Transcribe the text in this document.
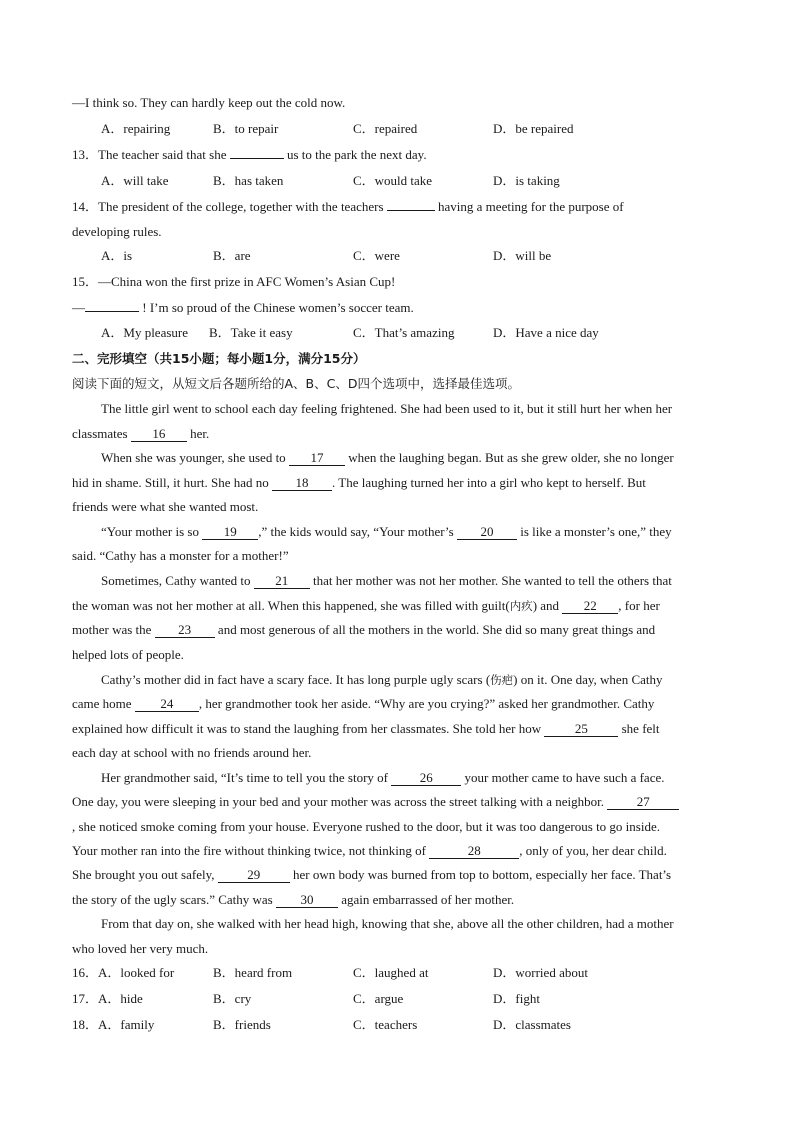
—I think so. They can hardly keep out the cold now.
A．repairing	B．to repair	C．repaired	D．be repaired
13．The teacher said that she	us to the park the next day.
A．will take	B．has taken	C．would take	D．is taking
14．The president of the college, together with the teachers	having a meeting for the purpose of
developing rules.
A．is	B．are	C．were	D．will be
15．—China won the first prize in AFC Women’s Asian Cup!
—	! I’m so proud of the Chinese women’s soccer team.
A．My pleasure B．Take it easy	C．That’s amazing	D．Have a nice day
二、完形填空（共15小题；每小题1分，满分15分）
阅读下面的短文，从短文后各题所给的A、B、C、D四个选项中，选择最佳选项。
The little girl went to school each day feeling frightened. She had been used to it, but it still hurt her when her
classmates 16 her.
When she was younger, she used to 17 when the laughing began. But as she grew older, she no longer
hid in shame. Still, it hurt. She had no 18 . The laughing turned her into a girl who kept to herself. But
friends were what she wanted most.
“Your mother is so 19 ,” the kids would say, “Your mother’s 20 is like a monster’s one,” they
said. “Cathy has a monster for a mother!”
Sometimes, Cathy wanted to 21 that her mother was not her mother. She wanted to tell the others that
the woman was not her mother at all. When this happened, she was filled with guilt(内疚) and 22 , for her
mother was the 23 and most generous of all the mothers in the world. She did so many great things and
helped lots of people.
Cathy’s mother did in fact have a scary face. It has long purple ugly scars (伤疤) on it. One day, when Cathy
came home 24 , her grandmother took her aside. “Why are you crying?” asked her grandmother. Cathy
explained how difficult it was to stand the laughing from her classmates. She told her how	25	she felt
each day at school with no friends around her.
Her grandmother said, “It’s time to tell you the story of 26 your mother came to have such a face.
One day, you were sleeping in your bed and your mother was across the street talking with a neighbor.	27
, she noticed smoke coming from your house. Everyone rushed to the door, but it was too dangerous to go inside.
Your mother ran into the fire without thinking twice, not thinking of	28	, only of you, her dear child.
She brought you out safely,	29	her own body was burned from top to bottom, especially her face. That’s
the story of the ugly scars.” Cathy was 30 again embarrassed of her mother.
From that day on, she walked with her head high, knowing that she, above all the other children, had a mother
who loved her very much.
16．A．looked for	B．heard from	C．laughed at	D．worried about
17．A．hide	B．cry	C．argue	D．fight
18．A．family	B．friends	C．teachers	D．classmates
